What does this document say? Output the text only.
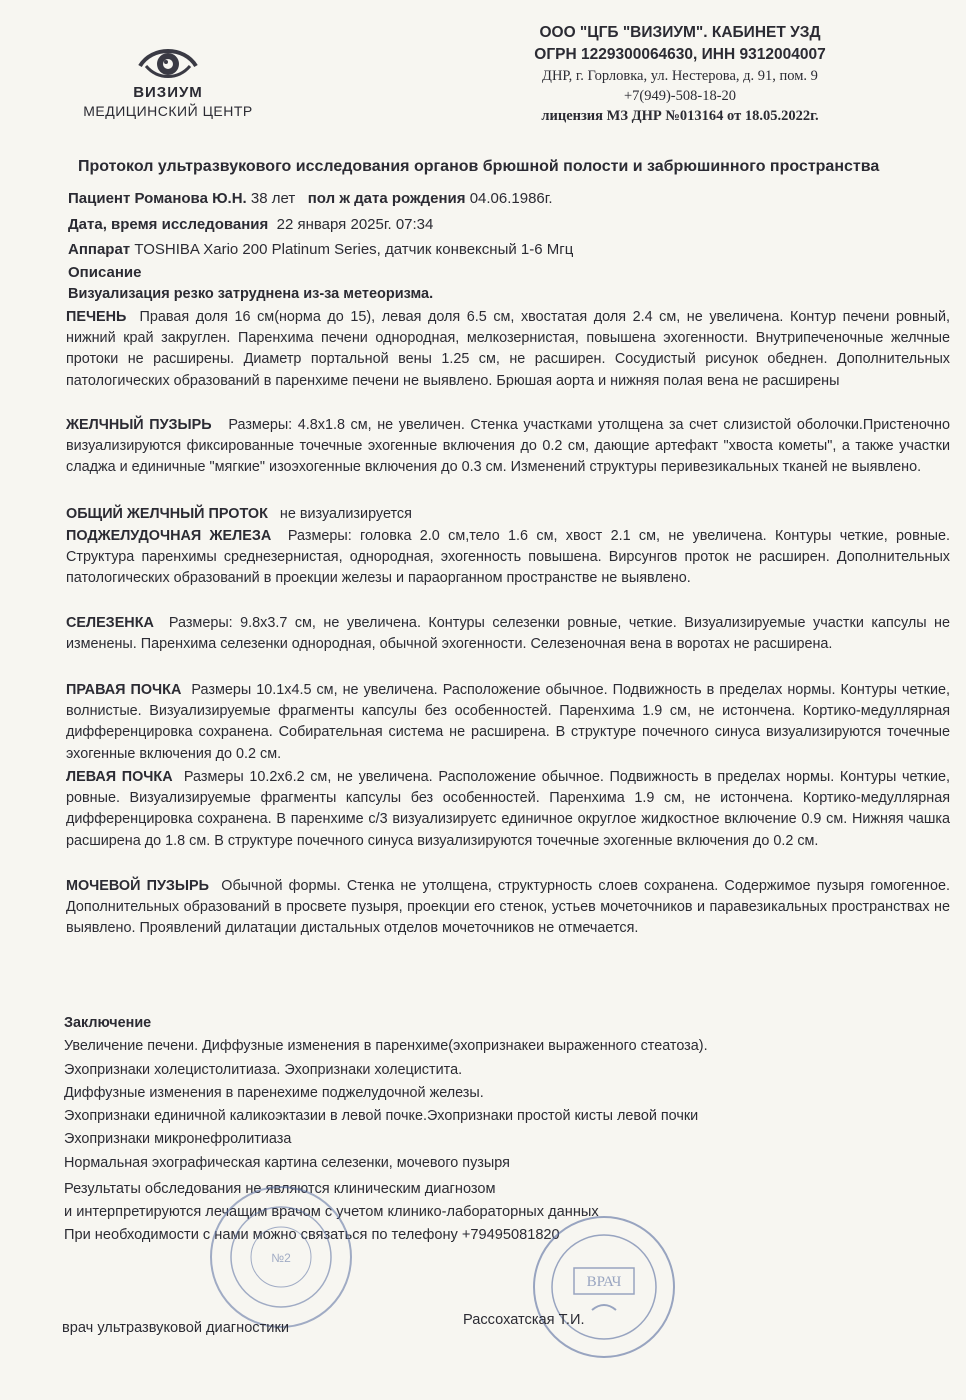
ВИЗИУМ
МЕДИЦИНСКИЙ ЦЕНТР
ООО "ЦГБ "ВИЗИУМ". КАБИНЕТ УЗД
ОГРН 1229300064630, ИНН 9312004007
ДНР, г. Горловка, ул. Нестерова, д. 91, пом. 9
+7(949)-508-18-20
лицензия МЗ ДНР №013164 от 18.05.2022г.
Протокол ультразвукового исследования органов брюшной полости и забрюшинного пространства
Пациент Романова Ю.Н. 38 лет пол ж дата рождения 04.06.1986г.
Дата, время исследования 22 января 2025г. 07:34
Аппарат TOSHIBA Xario 200 Platinum Series, датчик конвексный 1-6 Мгц
Описание
Визуализация резко затруднена из-за метеоризма.
ПЕЧЕНЬ Правая доля 16 см(норма до 15), левая доля 6.5 см, хвостатая доля 2.4 см, не увеличена. Контур печени ровный, нижний край закруглен. Паренхима печени однородная, мелкозернистая, повышена эхогенности. Внутрипеченочные желчные протоки не расширены. Диаметр портальной вены 1.25 см, не расширен. Сосудистый рисунок обеднен. Дополнительных патологических образований в паренхиме печени не выявлено. Брюшая аорта и нижняя полая вена не расширены
ЖЕЛЧНЫЙ ПУЗЫРЬ Размеры: 4.8х1.8 см, не увеличен. Стенка участками утолщена за счет слизистой оболочки.Пристеночно визуализируются фиксированные точечные эхогенные включения до 0.2 см, дающие артефакт "хвоста кометы", а также участки сладжа и единичные "мягкие" изоэхогенные включения до 0.3 см. Изменений структуры перивезикальных тканей не выявлено.
ОБЩИЙ ЖЕЛЧНЫЙ ПРОТОК не визуализируется
ПОДЖЕЛУДОЧНАЯ ЖЕЛЕЗА Размеры: головка 2.0 см,тело 1.6 см, хвост 2.1 см, не увеличена. Контуры четкие, ровные. Структура паренхимы среднезернистая, однородная, эхогенность повышена. Вирсунгов проток не расширен. Дополнительных патологических образований в проекции железы и параорганном пространстве не выявлено.
СЕЛЕЗЕНКА Размеры: 9.8х3.7 см, не увеличена. Контуры селезенки ровные, четкие. Визуализируемые участки капсулы не изменены. Паренхима селезенки однородная, обычной эхогенности. Селезеночная вена в воротах не расширена.
ПРАВАЯ ПОЧКА Размеры 10.1х4.5 см, не увеличена. Расположение обычное. Подвижность в пределах нормы. Контуры четкие, волнистые. Визуализируемые фрагменты капсулы без особенностей. Паренхима 1.9 см, не истончена. Кортико-медуллярная дифференцировка сохранена. Собирательная система не расширена. В структуре почечного синуса визуализируются точечные эхогенные включения до 0.2 см.
ЛЕВАЯ ПОЧКА Размеры 10.2х6.2 см, не увеличена. Расположение обычное. Подвижность в пределах нормы. Контуры четкие, ровные. Визуализируемые фрагменты капсулы без особенностей. Паренхима 1.9 см, не истончена. Кортико-медуллярная дифференцировка сохранена. В паренхиме с/3 визуализируетс единичное округлое жидкостное включение 0.9 см. Нижняя чашка расширена до 1.8 см. В структуре почечного синуса визуализируются точечные эхогенные включения до 0.2 см.
МОЧЕВОЙ ПУЗЫРЬ Обычной формы. Стенка не утолщена, структурность слоев сохранена. Содержимое пузыря гомогенное. Дополнительных образований в просвете пузыря, проекции его стенок, устьев мочеточников и паравезикальных пространствах не выявлено. Проявлений дилатации дистальных отделов мочеточников не отмечается.
Заключение
Увеличение печени. Диффузные изменения в паренхиме(эхопризнакеи выраженного стеатоза).
Эхопризнаки холецистолитиаза. Эхопризнаки холецистита.
Диффузные изменения в паренехиме поджелудочной железы.
Эхопризнаки единичной каликоэктазии в левой почке.Эхопризнаки простой кисты левой почки
Эхопризнаки микронефролитиаза
Нормальная эхографическая картина селезенки, мочевого пузыря
Результаты обследования не являются клиническим диагнозом
и интерпретируются лечащим врачом с учетом клинико-лабораторных данных
При необходимости с нами можно связаться по телефону +79495081820
№2
ВРАЧ
врач ультразвуковой диагностики	Рассохатская Т.И.
